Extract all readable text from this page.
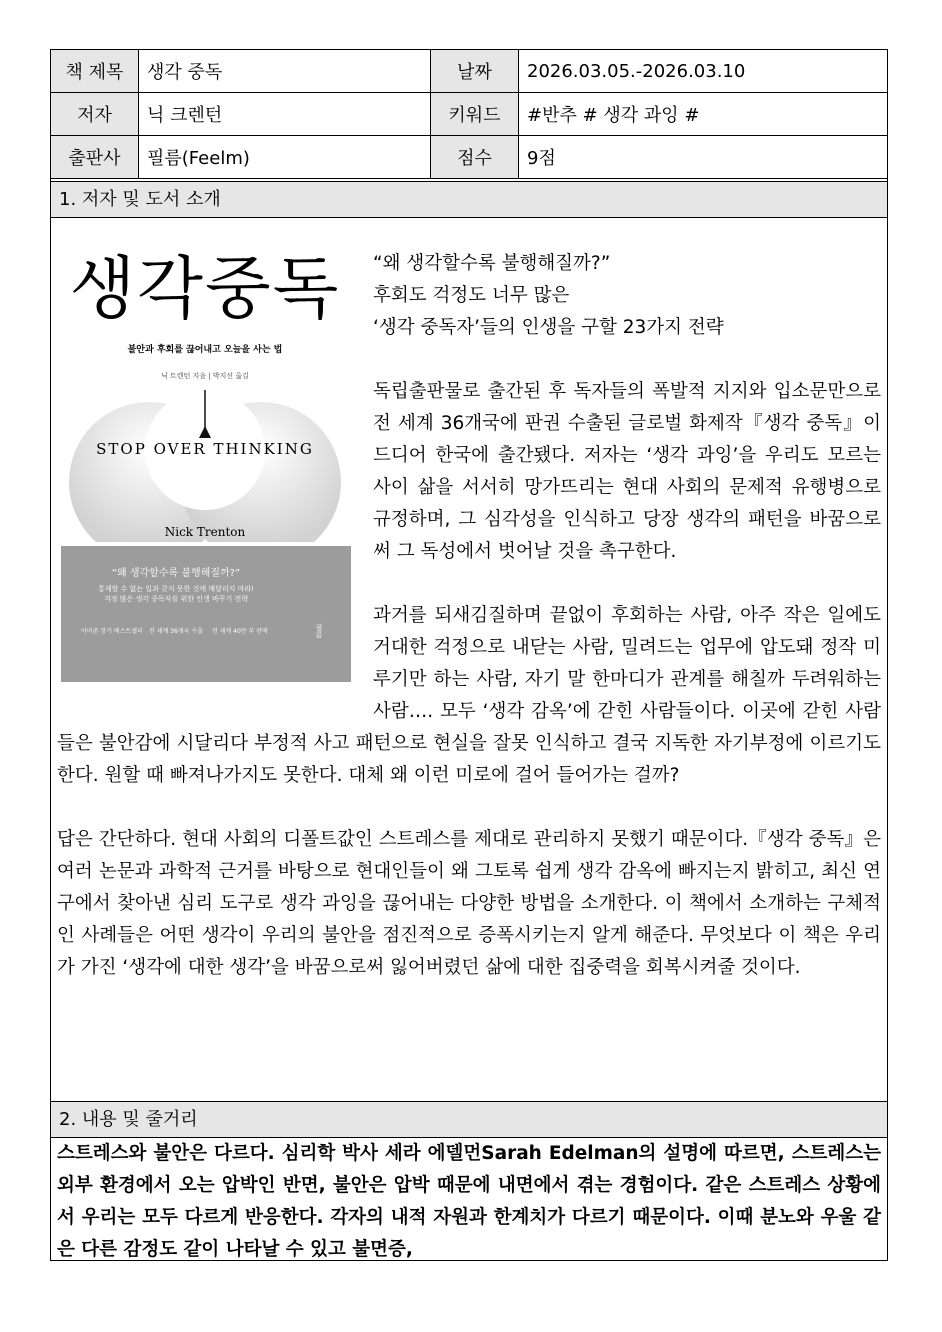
책 제목	생각 중독	날짜	2026.03.05.-2026.03.10
저자	닉 크렌턴	키워드	#반추 # 생각 과잉 #
출판사	필름(Feelm)	점수	9점
1. 저자 및 도서 소개
생각중독
불안과 후회를 끊어내고 오늘을 사는 법
닉 트렌턴 지음 | 박지선 옮김
STOP OVER THINKING
Nick Trenton
“왜 생각할수록 불행해질까?”
통제할 수 없는 일과 갖지 못한 것에 매달리지 마라!
걱정 많은 생각 중독자를 위한 인생 바꾸기 전략
아마존 장기 베스트셀러 전 세계 36개국 수출 전 세계 40만 부 판매	필름

“왜 생각할수록 불행해질까?”

후회도 걱정도 너무 많은

‘생각 중독자’들의 인생을 구할 23가지 전략

독립출판물로 출간된 후 독자들의 폭발적 지지와 입소문만으로 전 세계 36개국에 판권 수출된 글로벌 화제작『생각 중독』이 드디어 한국에 출간됐다. 저자는 ‘생각 과잉’을 우리도 모르는 사이 삶을 서서히 망가뜨리는 현대 사회의 문제적 유행병으로 규정하며, 그 심각성을 인식하고 당장 생각의 패턴을 바꿈으로써 그 독성에서 벗어날 것을 촉구한다.

과거를 되새김질하며 끝없이 후회하는 사람, 아주 작은 일에도 거대한 걱정으로 내닫는 사람, 밀려드는 업무에 압도돼 정작 미루기만 하는 사람, 자기 말 한마디가 관계를 해칠까 두려워하는 사람…. 모두 ‘생각 감옥’에 갇힌 사람들이다. 이곳에 갇힌 사람들은 불안감에 시달리다 부정적 사고 패턴으로 현실을 잘못 인식하고 결국 지독한 자기부정에 이르기도 한다. 원할 때 빠져나가지도 못한다. 대체 왜 이런 미로에 걸어 들어가는 걸까?

답은 간단하다. 현대 사회의 디폴트값인 스트레스를 제대로 관리하지 못했기 때문이다.『생각 중독』은 여러 논문과 과학적 근거를 바탕으로 현대인들이 왜 그토록 쉽게 생각 감옥에 빠지는지 밝히고, 최신 연구에서 찾아낸 심리 도구로 생각 과잉을 끊어내는 다양한 방법을 소개한다. 이 책에서 소개하는 구체적인 사례들은 어떤 생각이 우리의 불안을 점진적으로 증폭시키는지 알게 해준다. 무엇보다 이 책은 우리가 가진 ‘생각에 대한 생각’을 바꿈으로써 잃어버렸던 삶에 대한 집중력을 회복시켜줄 것이다.

2. 내용 및 줄거리

스트레스와 불안은 다르다. 심리학 박사 세라 에델먼Sarah Edelman의 설명에 따르면, 스트레스는 외부 환경에서 오는 압박인 반면, 불안은 압박 때문에 내면에서 겪는 경험이다. 같은 스트레스 상황에서 우리는 모두 다르게 반응한다. 각자의 내적 자원과 한계치가 다르기 때문이다. 이때 분노와 우울 같은 다른 감정도 같이 나타날 수 있고 불면증,
